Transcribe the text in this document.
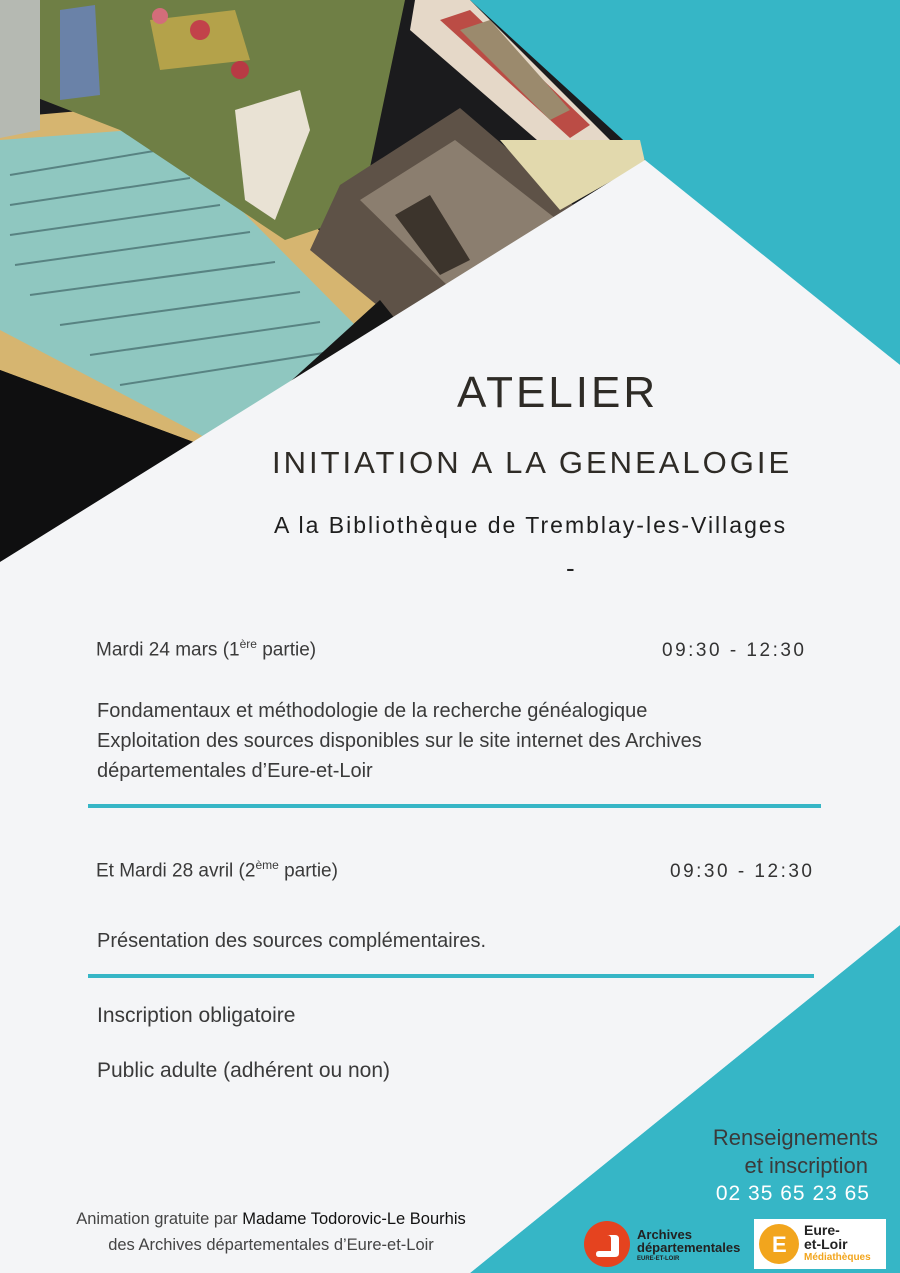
ATELIER
INITIATION A LA GENEALOGIE
A la Bibliothèque de Tremblay-les-Villages
-
Mardi 24 mars (1ère partie)	09:30 - 12:30
Fondamentaux et méthodologie de la recherche généalogique
Exploitation des sources disponibles sur le site internet des Archives
départementales d’Eure-et-Loir
Et Mardi 28 avril (2ème partie)	09:30 - 12:30
Présentation des sources complémentaires.
Inscription obligatoire
Public adulte (adhérent ou non)
Renseignements
et inscription
02 35 65 23 65
Animation gratuite par Madame Todorovic-Le Bourhis
des Archives départementales d’Eure-et-Loir
Archives
départementales
EURE-ET-LOIR
E
Eure-
et-Loir
Médiathèques
